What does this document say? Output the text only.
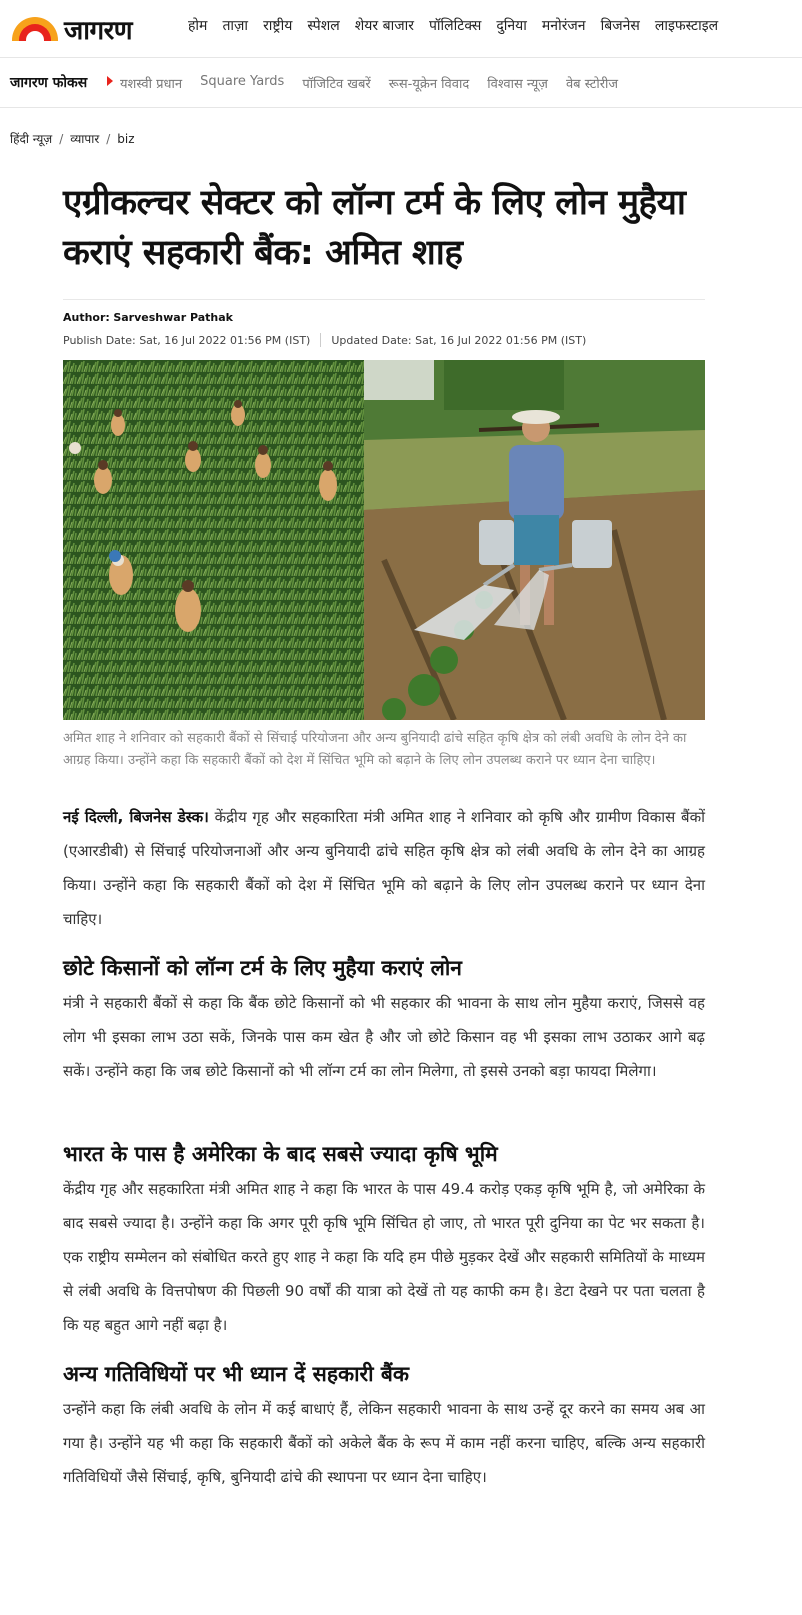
जागरण	होम ताज़ा राष्ट्रीय स्पेशल शेयर बाजार पॉलिटिक्स दुनिया मनोरंजन बिजनेस लाइफस्टाइल
जागरण फोकस	यशस्वी प्रधान Square Yards पॉजिटिव खबरें रूस-यूक्रेन विवाद विश्वास न्यूज़ वेब स्टोरीज
हिंदी न्यूज़ / व्यापार / biz
एग्रीकल्चर सेक्टर को लॉन्ग टर्म के लिए लोन मुहैया कराएं सहकारी बैंक: अमित शाह
Author: Sarveshwar Pathak
Publish Date: Sat, 16 Jul 2022 01:56 PM (IST) Updated Date: Sat, 16 Jul 2022 01:56 PM (IST)

अमित शाह ने शनिवार को सहकारी बैंकों से सिंचाई परियोजना और अन्य बुनियादी ढांचे सहित कृषि क्षेत्र को लंबी अवधि के लोन देने का आग्रह किया। उन्होंने कहा कि सहकारी बैंकों को देश में सिंचित भूमि को बढ़ाने के लिए लोन उपलब्ध कराने पर ध्यान देना चाहिए।

नई दिल्ली, बिजनेस डेस्क। केंद्रीय गृह और सहकारिता मंत्री अमित शाह ने शनिवार को कृषि और ग्रामीण विकास बैंकों (एआरडीबी) से सिंचाई परियोजनाओं और अन्य बुनियादी ढांचे सहित कृषि क्षेत्र को लंबी अवधि के लोन देने का आग्रह किया। उन्होंने कहा कि सहकारी बैंकों को देश में सिंचित भूमि को बढ़ाने के लिए लोन उपलब्ध कराने पर ध्यान देना चाहिए।

छोटे किसानों को लॉन्ग टर्म के लिए मुहैया कराएं लोन

मंत्री ने सहकारी बैंकों से कहा कि बैंक छोटे किसानों को भी सहकार की भावना के साथ लोन मुहैया कराएं, जिससे वह लोग भी इसका लाभ उठा सकें, जिनके पास कम खेत है और जो छोटे किसान वह भी इसका लाभ उठाकर आगे बढ़ सकें। उन्होंने कहा कि जब छोटे किसानों को भी लॉन्ग टर्म का लोन मिलेगा, तो इससे उनको बड़ा फायदा मिलेगा।

भारत के पास है अमेरिका के बाद सबसे ज्यादा कृषि भूमि

केंद्रीय गृह और सहकारिता मंत्री अमित शाह ने कहा कि भारत के पास 49.4 करोड़ एकड़ कृषि भूमि है, जो अमेरिका के बाद सबसे ज्यादा है। उन्होंने कहा कि अगर पूरी कृषि भूमि सिंचित हो जाए, तो भारत पूरी दुनिया का पेट भर सकता है। एक राष्ट्रीय सम्मेलन को संबोधित करते हुए शाह ने कहा कि यदि हम पीछे मुड़कर देखें और सहकारी समितियों के माध्यम से लंबी अवधि के वित्तपोषण की पिछली 90 वर्षों की यात्रा को देखें तो यह काफी कम है। डेटा देखने पर पता चलता है कि यह बहुत आगे नहीं बढ़ा है।

अन्य गतिविधियों पर भी ध्यान दें सहकारी बैंक

उन्होंने कहा कि लंबी अवधि के लोन में कई बाधाएं हैं, लेकिन सहकारी भावना के साथ उन्हें दूर करने का समय अब आ गया है। उन्होंने यह भी कहा कि सहकारी बैंकों को अकेले बैंक के रूप में काम नहीं करना चाहिए, बल्कि अन्य सहकारी गतिविधियों जैसे सिंचाई, कृषि, बुनियादी ढांचे की स्थापना पर ध्यान देना चाहिए।
